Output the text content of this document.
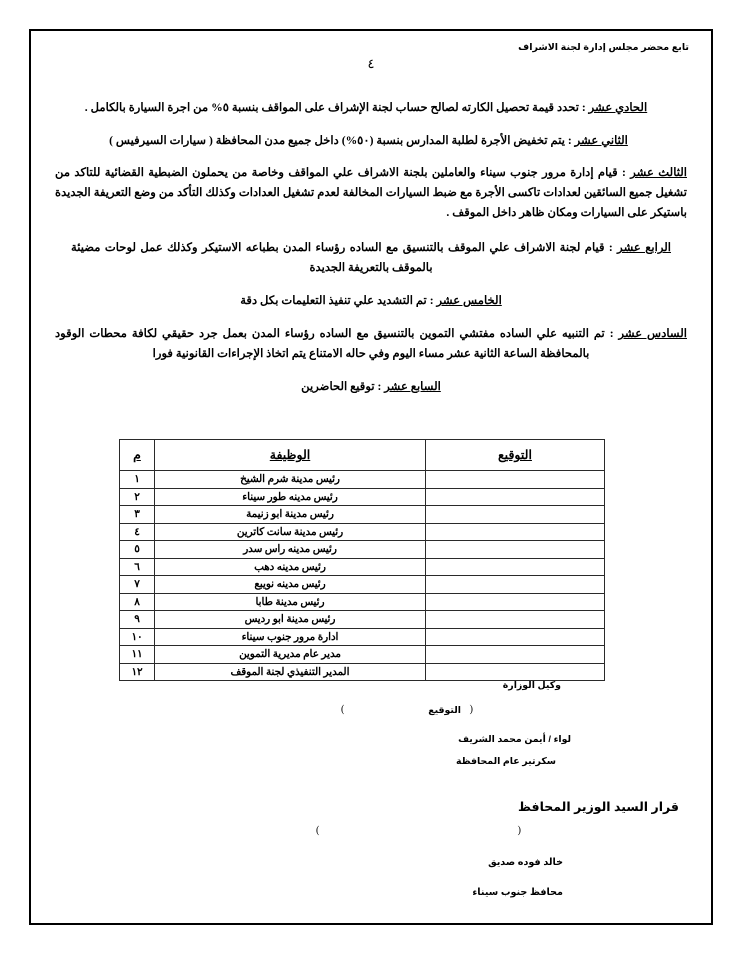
تابع محضر مجلس إدارة لجنة الاشراف
٤

الحادي عشر : تحدد قيمة تحصيل الكارته لصالح حساب لجنة الإشراف على المواقف بنسبة ٥% من اجرة السيارة بالكامل .

الثاني عشر : يتم تخفيض الأجرة لطلبة المدارس بنسبة (٥٠%) داخل جميع مدن المحافظة ( سيارات السيرفيس )

الثالث عشر : قيام إدارة مرور جنوب سيناء والعاملين بلجنة الاشراف علي المواقف وخاصة من يحملون الضبطية القضائية للتاكد من تشغيل جميع السائقين لعدادات تاكسى الأجرة مع ضبط السيارات المخالفة لعدم تشغيل العدادات وكذلك التأكد من وضع التعريفة الجديدة باستيكر على السيارات ومكان ظاهر داخل الموقف .

الرابع عشر : قيام لجنة الاشراف علي الموقف بالتنسيق مع الساده رؤساء المدن بطباعه الاستيكر وكذلك عمل لوحات مضيئة بالموقف بالتعريفة الجديدة

الخامس عشر : تم التشديد علي تنفيذ التعليمات بكل دقة

السادس عشر : تم التنبيه علي الساده مفتشي التموين بالتنسيق مع الساده رؤساء المدن بعمل جرد حقيقي لكافة محطات الوقود بالمحافظة الساعة الثانية عشر مساء اليوم وفي حاله الامتناع يتم اتخاذ الإجراءات القانونية فورا

السابع عشر : توقيع الحاضرين

التوقيع	الوظيفة	م
	رئيس مدينة شرم الشيخ	١
	رئيس مدينه طور سيناء	٢
	رئيس مدينة ابو زنيمة	٣
	رئيس مدينة سانت كاترين	٤
	رئيس مدينه راس سدر	٥
	رئيس مدينه دهب	٦
	رئيس مدينه نويبع	٧
	رئيس مدينة طابا	٨
	رئيس مدينة ابو رديس	٩
	ادارة مرور جنوب سيناء	١٠
	مدير عام مديرية التموين	١١
	المدير التنفيذي لجنة الموقف	١٢
وكيل الوزارة
التوقيع (
)
لواء / أيمن محمد الشريف
سكرتير عام المحافظة
قرار السيد الوزير المحافظ
(
)
خالد فوده صديق
محافظ جنوب سيناء
